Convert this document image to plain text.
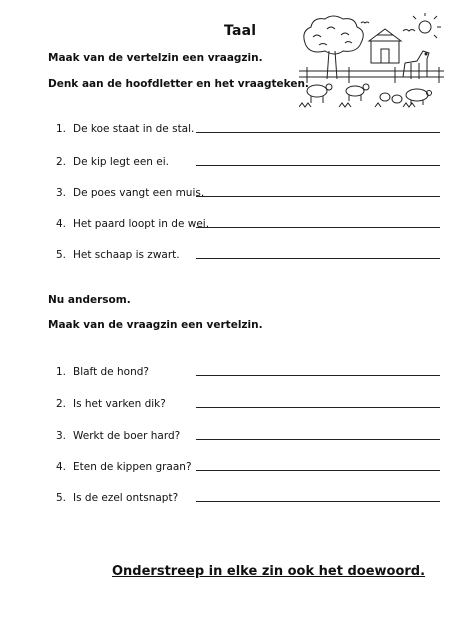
Taal
Maak van de vertelzin een vraagzin.
Denk aan de hoofdletter en het vraagteken.
1. De koe staat in de stal.
2. De kip legt een ei.
3. De poes vangt een muis.
4. Het paard loopt in de wei.
5. Het schaap is zwart.
Nu andersom.
Maak van de vraagzin een vertelzin.
1. Blaft de hond?
2. Is het varken dik?
3. Werkt de boer hard?
4. Eten de kippen graan?
5. Is de ezel ontsnapt?
Onderstreep in elke zin ook het doewoord.
